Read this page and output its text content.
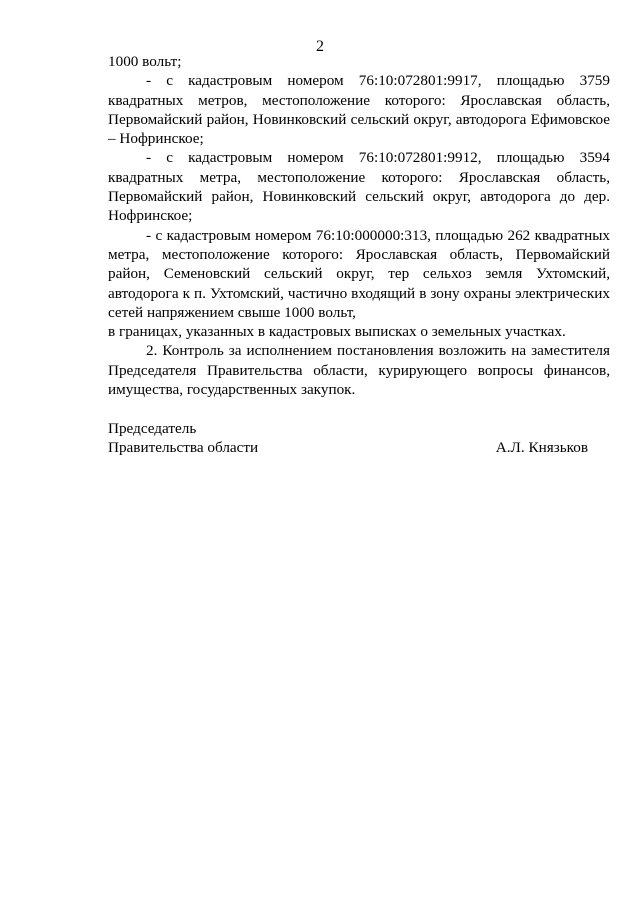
2

1000 вольт;

- с кадастровым номером 76:10:072801:9917, площадью 3759 квадратных метров, местоположение которого: Ярославская область, Первомайский район, Новинковский сельский округ, автодорога Ефимовское – Нофринское;

- с кадастровым номером 76:10:072801:9912, площадью 3594 квадратных метра, местоположение которого: Ярославская область, Первомайский район, Новинковский сельский округ, автодорога до дер. Нофринское;

- с кадастровым номером 76:10:000000:313, площадью 262 квадратных метра, местоположение которого: Ярославская область, Первомайский район, Семеновский сельский округ, тер сельхоз земля Ухтомский, автодорога к п. Ухтомский, частично входящий в зону охраны электрических сетей напряжением свыше 1000 вольт,

в границах, указанных в кадастровых выписках о земельных участках.

2. Контроль за исполнением постановления возложить на заместителя Председателя Правительства области, курирующего вопросы финансов, имущества, государственных закупок.

Председатель
Правительства области	А.Л. Князьков
